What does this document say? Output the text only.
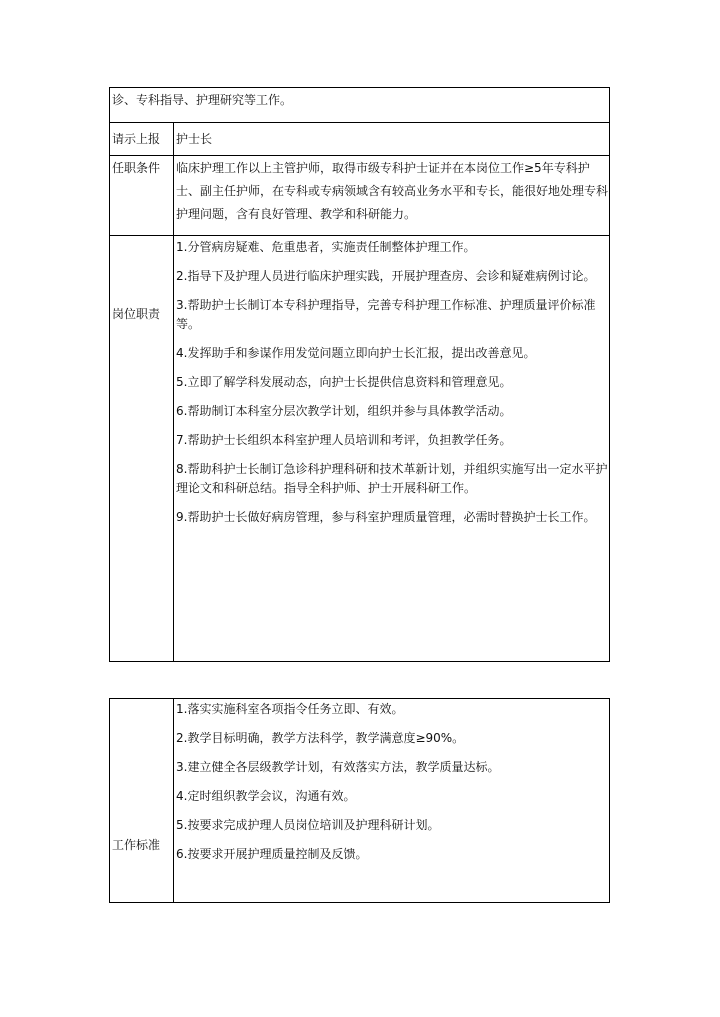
诊、专科指导、护理研究等工作。
请示上报	护士长
任职条件	临床护理工作以上主管护师，取得市级专科护士证并在本岗位工作≥5年专科护士、副主任护师，在专科或专病领域含有较高业务水平和专长，能很好地处理专科护理问题，含有良好管理、教学和科研能力。
岗位职责
1.分管病房疑难、危重患者，实施责任制整体护理工作。
2.指导下及护理人员进行临床护理实践，开展护理查房、会诊和疑难病例讨论。
3.帮助护士长制订本专科护理指导，完善专科护理工作标准、护理质量评价标准等。
4.发挥助手和参谋作用发觉问题立即向护士长汇报，提出改善意见。
5.立即了解学科发展动态，向护士长提供信息资料和管理意见。
6.帮助制订本科室分层次教学计划，组织并参与具体教学活动。
7.帮助护士长组织本科室护理人员培训和考评，负担教学任务。
8.帮助科护士长制订急诊科护理科研和技术革新计划，并组织实施写出一定水平护理论文和科研总结。指导全科护师、护士开展科研工作。
9.帮助护士长做好病房管理，参与科室护理质量管理，必需时替换护士长工作。
工作标准
1.落实实施科室各项指令任务立即、有效。
2.教学目标明确，教学方法科学，教学满意度≥90%。
3.建立健全各层级教学计划，有效落实方法，教学质量达标。
4.定时组织教学会议，沟通有效。
5.按要求完成护理人员岗位培训及护理科研计划。
6.按要求开展护理质量控制及反馈。
